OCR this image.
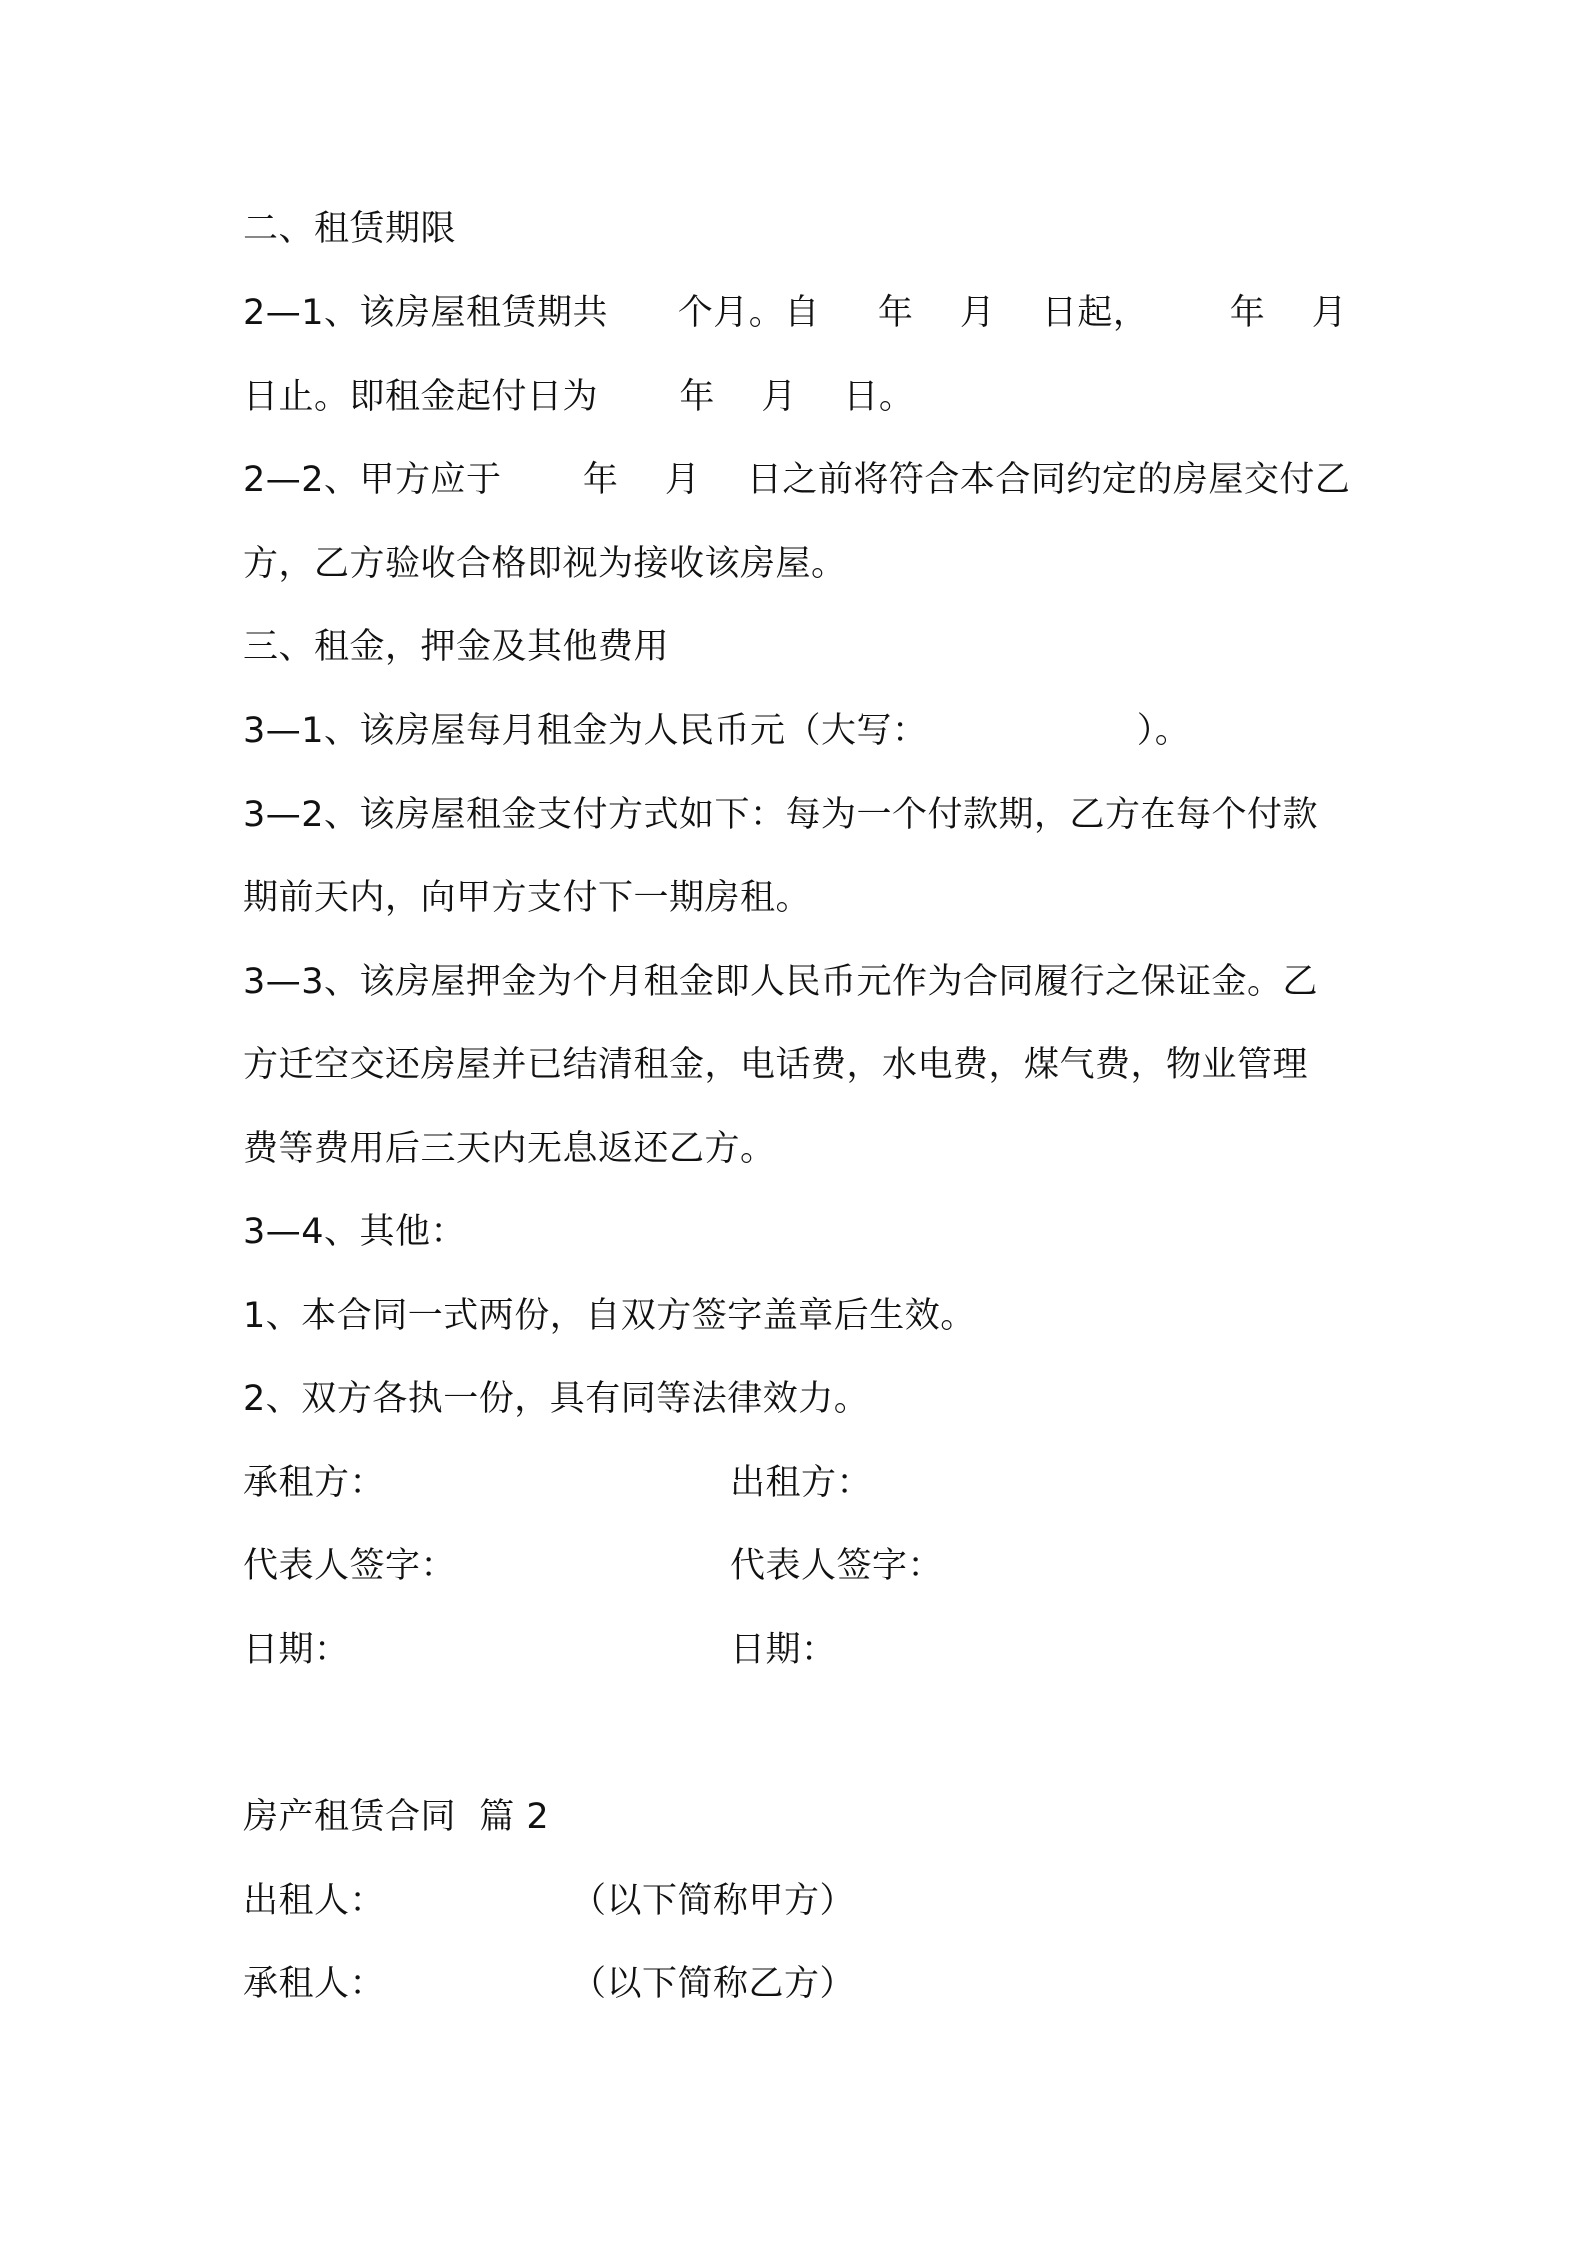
二、租赁期限

2—1、该房屋租赁期共      个月。自     年    月    日起，       年    月

日止。即租金起付日为       年    月    日。

2—2、甲方应于       年    月    日之前将符合本合同约定的房屋交付乙

方，乙方验收合格即视为接收该房屋。

三、租金，押金及其他费用

3—1、该房屋每月租金为人民币元（大写：                  ）。

3—2、该房屋租金支付方式如下：每为一个付款期，乙方在每个付款

期前天内，向甲方支付下一期房租。

3—3、该房屋押金为个月租金即人民币元作为合同履行之保证金。乙

方迁空交还房屋并已结清租金，电话费，水电费，煤气费，物业管理

费等费用后三天内无息返还乙方。

3—4、其他：

1、本合同一式两份，自双方签字盖章后生效。

2、双方各执一份，具有同等法律效力。

承租方：	出租方：

代表人签字：	代表人签字：

日期：	日期：

房产租赁合同  篇 2

出租人：                （以下简称甲方）

承租人：                （以下简称乙方）
